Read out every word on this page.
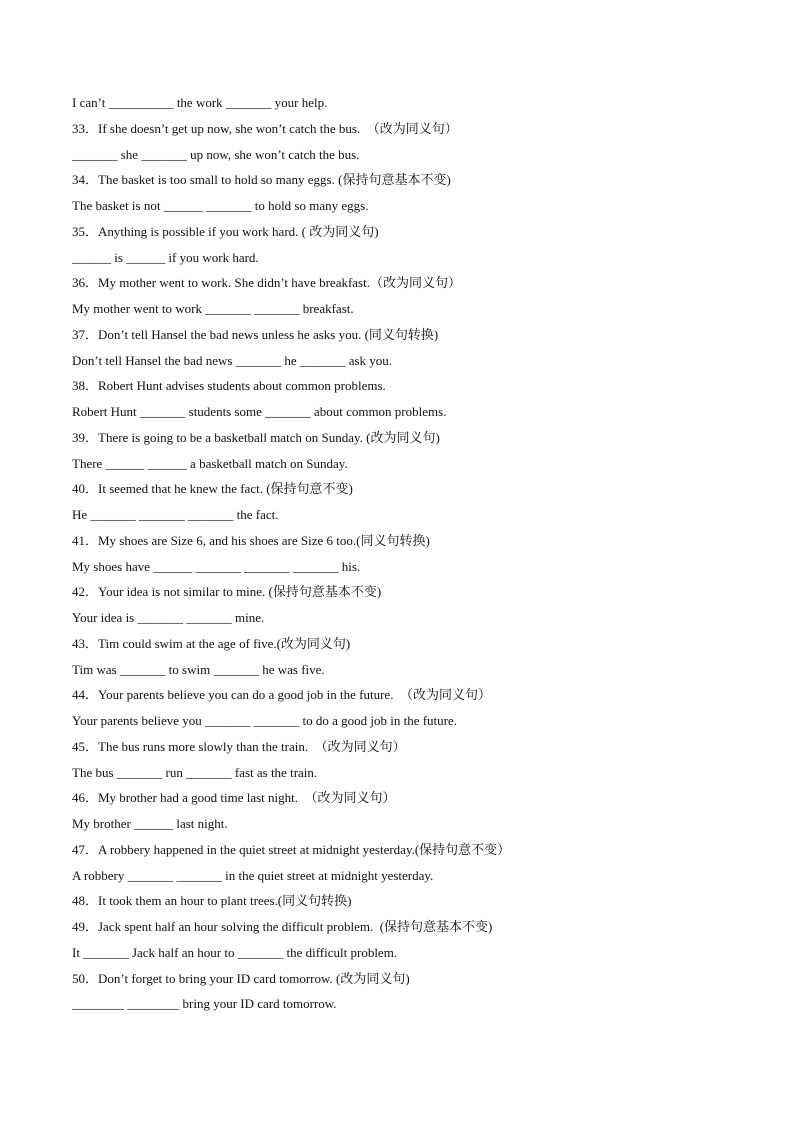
I can’t __________ the work _______ your help.
33．If she doesn’t get up now, she won’t catch the bus.  （改为同义句）
_______ she _______ up now, she won’t catch the bus.
34．The basket is too small to hold so many eggs. (保持句意基本不变)
The basket is not ______ _______ to hold so many eggs.
35．Anything is possible if you work hard. ( 改为同义句)
______ is ______ if you work hard.
36．My mother went to work. She didn’t have breakfast.（改为同义句）
My mother went to work _______ _______ breakfast.
37．Don’t tell Hansel the bad news unless he asks you. (同义句转换)
Don’t tell Hansel the bad news _______ he _______ ask you.
38．Robert Hunt advises students about common problems.
Robert Hunt _______ students some _______ about common problems.
39．There is going to be a basketball match on Sunday. (改为同义句)
There ______ ______ a basketball match on Sunday.
40．It seemed that he knew the fact. (保持句意不变)
He _______ _______ _______ the fact.
41．My shoes are Size 6, and his shoes are Size 6 too.(同义句转换)
My shoes have ______ _______ _______ _______ his.
42．Your idea is not similar to mine. (保持句意基本不变)
Your idea is _______ _______ mine.
43．Tim could swim at the age of five.(改为同义句)
Tim was _______ to swim _______ he was five.
44．Your parents believe you can do a good job in the future.  （改为同义句）
Your parents believe you _______ _______ to do a good job in the future.
45．The bus runs more slowly than the train.  （改为同义句）
The bus _______ run _______ fast as the train.
46．My brother had a good time last night.  （改为同义句）
My brother ______ last night.
47．A robbery happened in the quiet street at midnight yesterday.(保持句意不变）
A robbery _______ _______ in the quiet street at midnight yesterday.
48．It took them an hour to plant trees.(同义句转换)
49．Jack spent half an hour solving the difficult problem.  (保持句意基本不变)
It _______ Jack half an hour to _______ the difficult problem.
50．Don’t forget to bring your ID card tomorrow. (改为同义句)
________ ________ bring your ID card tomorrow.
